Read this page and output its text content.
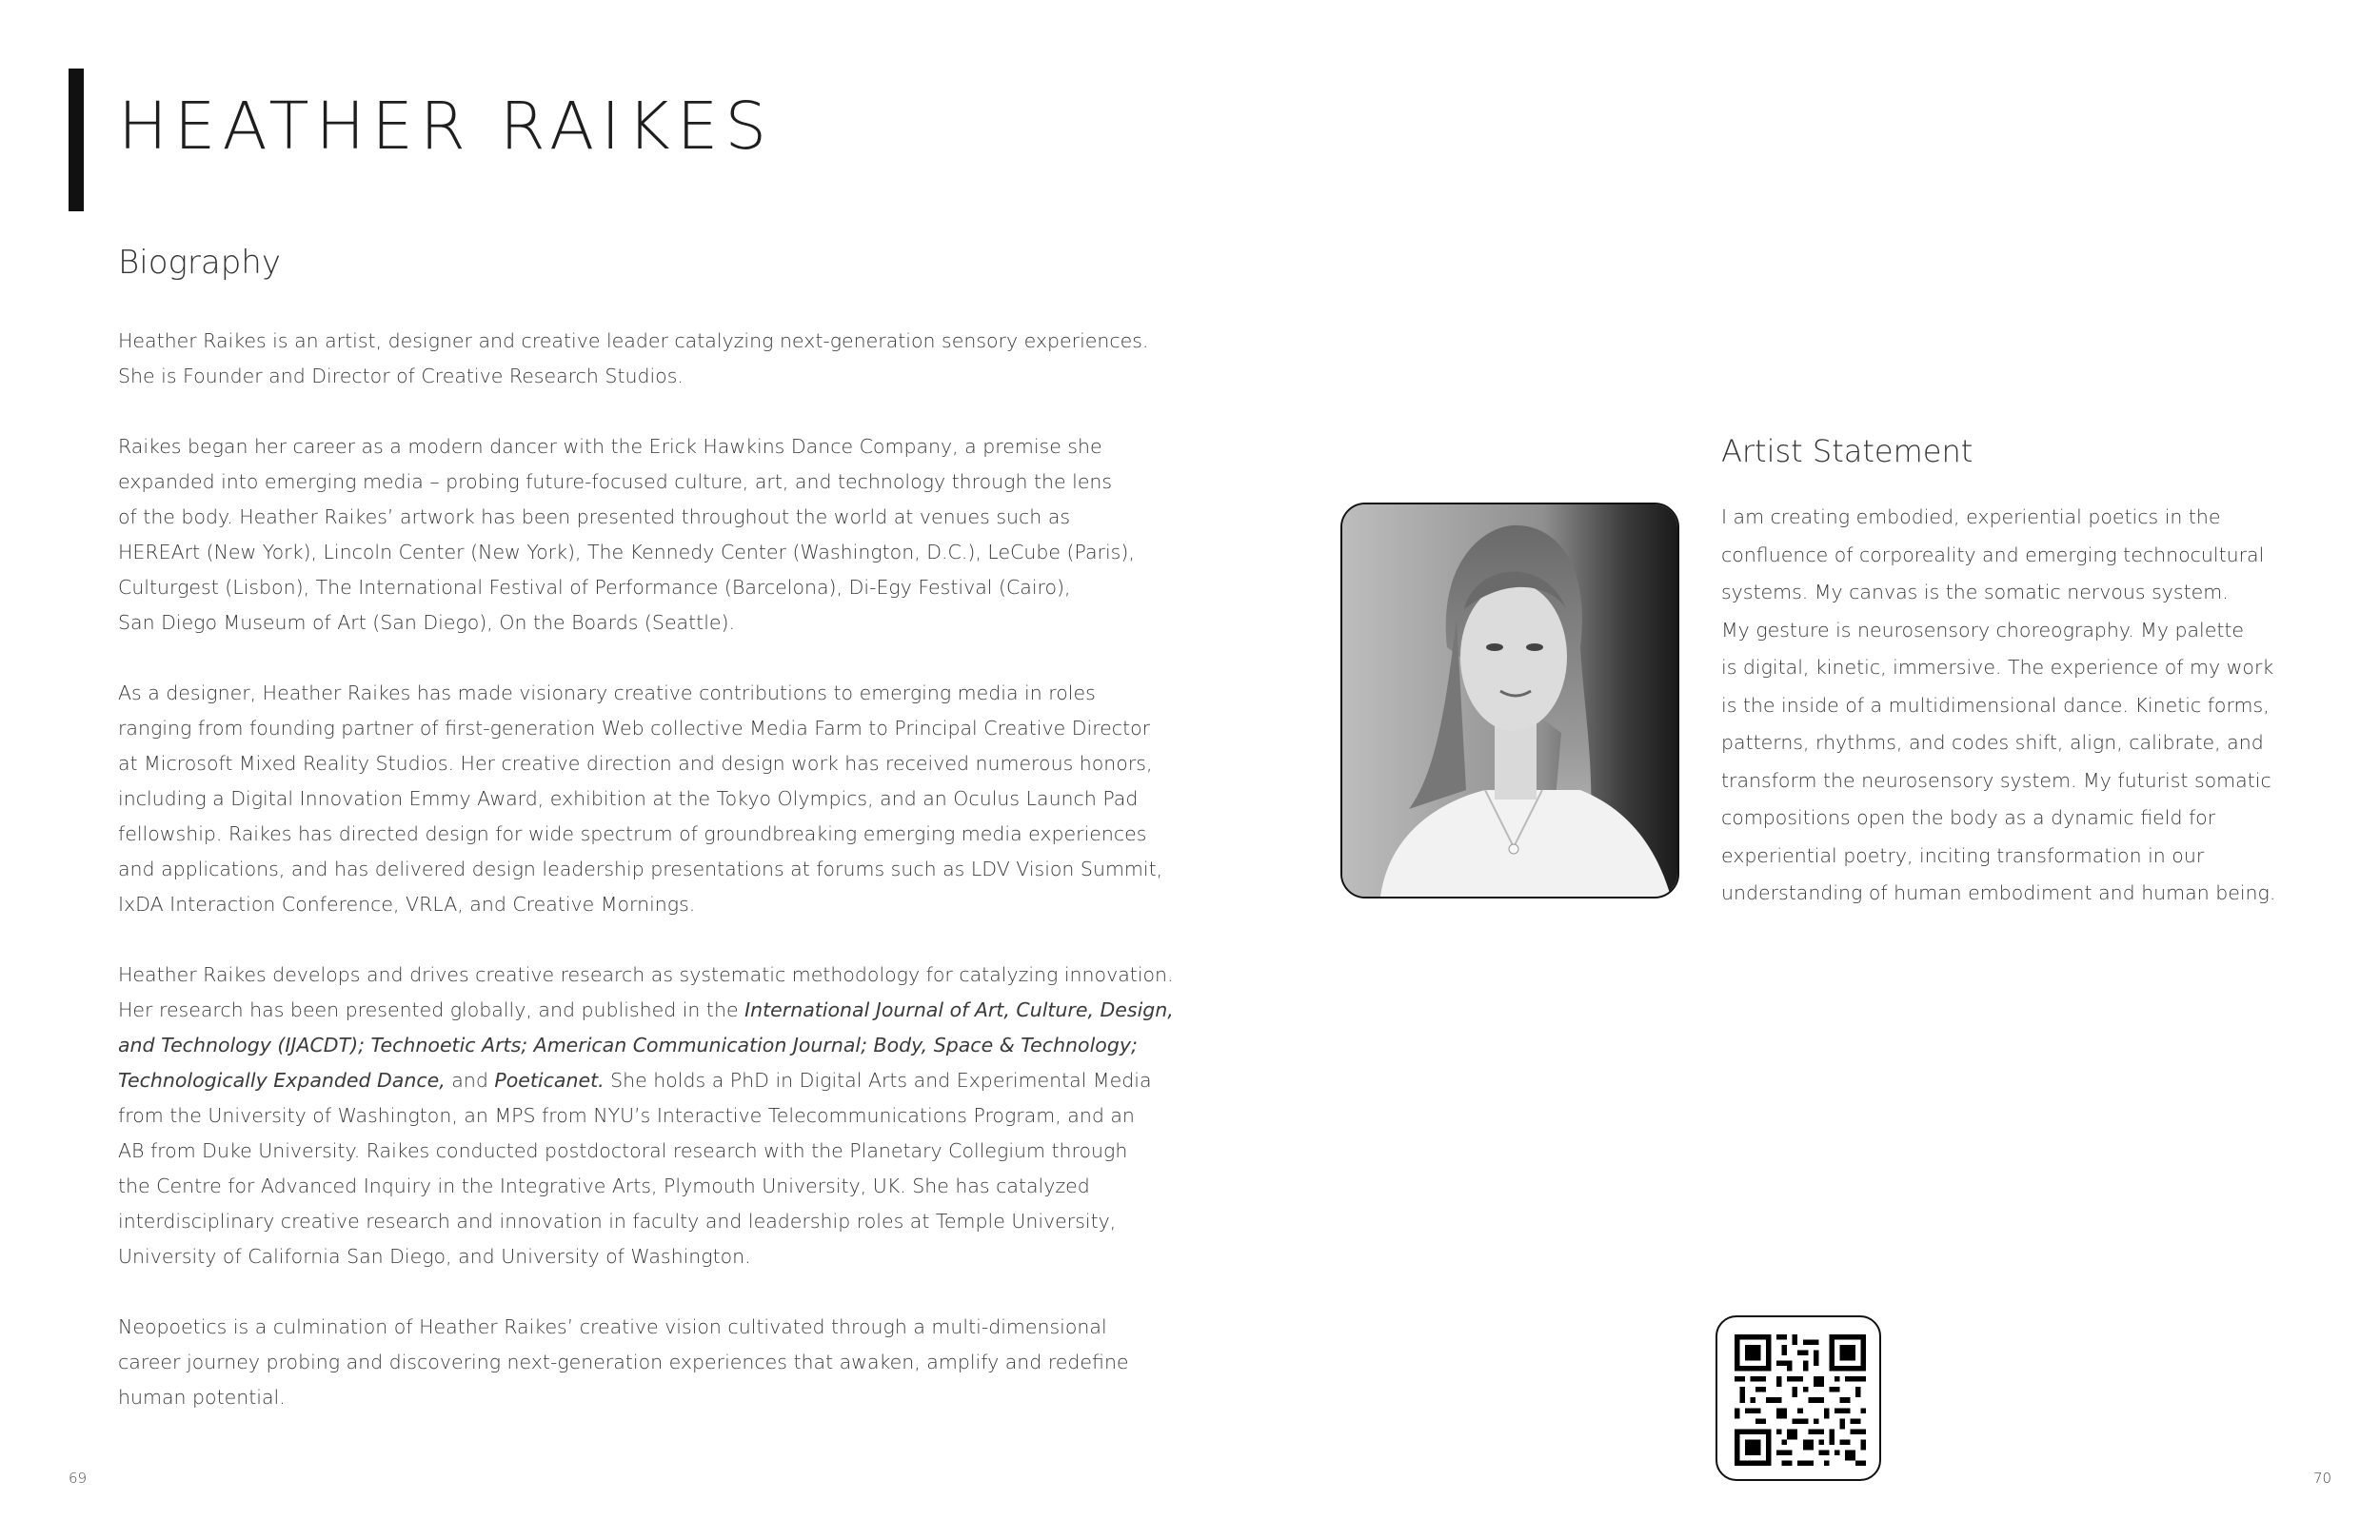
HEATHER RAIKES
Biography

Heather Raikes is an artist, designer and creative leader catalyzing next-generation sensory experiences.
She is Founder and Director of Creative Research Studios.

Raikes began her career as a modern dancer with the Erick Hawkins Dance Company, a premise she
expanded into emerging media – probing future-focused culture, art, and technology through the lens
of the body. Heather Raikes’ artwork has been presented throughout the world at venues such as
HEREArt (New York), Lincoln Center (New York), The Kennedy Center (Washington, D.C.), LeCube (Paris),
Culturgest (Lisbon), The International Festival of Performance (Barcelona), Di-Egy Festival (Cairo),
San Diego Museum of Art (San Diego), On the Boards (Seattle).

As a designer, Heather Raikes has made visionary creative contributions to emerging media in roles
ranging from founding partner of first-generation Web collective Media Farm to Principal Creative Director
at Microsoft Mixed Reality Studios. Her creative direction and design work has received numerous honors,
including a Digital Innovation Emmy Award, exhibition at the Tokyo Olympics, and an Oculus Launch Pad
fellowship. Raikes has directed design for wide spectrum of groundbreaking emerging media experiences
and applications, and has delivered design leadership presentations at forums such as LDV Vision Summit,
IxDA Interaction Conference, VRLA, and Creative Mornings.

Heather Raikes develops and drives creative research as systematic methodology for catalyzing innovation.
Her research has been presented globally, and published in the International Journal of Art, Culture, Design,
and Technology (IJACDT); Technoetic Arts; American Communication Journal; Body, Space & Technology;
Technologically Expanded Dance, and Poeticanet. She holds a PhD in Digital Arts and Experimental Media
from the University of Washington, an MPS from NYU’s Interactive Telecommunications Program, and an
AB from Duke University. Raikes conducted postdoctoral research with the Planetary Collegium through
the Centre for Advanced Inquiry in the Integrative Arts, Plymouth University, UK. She has catalyzed
interdisciplinary creative research and innovation in faculty and leadership roles at Temple University,
University of California San Diego, and University of Washington.

Neopoetics is a culmination of Heather Raikes’ creative vision cultivated through a multi-dimensional
career journey probing and discovering next-generation experiences that awaken, amplify and redefine
human potential.

Artist Statement
I am creating embodied, experiential poetics in the
confluence of corporeality and emerging technocultural
systems. My canvas is the somatic nervous system.
My gesture is neurosensory choreography. My palette
is digital, kinetic, immersive. The experience of my work
is the inside of a multidimensional dance. Kinetic forms,
patterns, rhythms, and codes shift, align, calibrate, and
transform the neurosensory system. My futurist somatic
compositions open the body as a dynamic field for
experiential poetry, inciting transformation in our
understanding of human embodiment and human being.
69	70
